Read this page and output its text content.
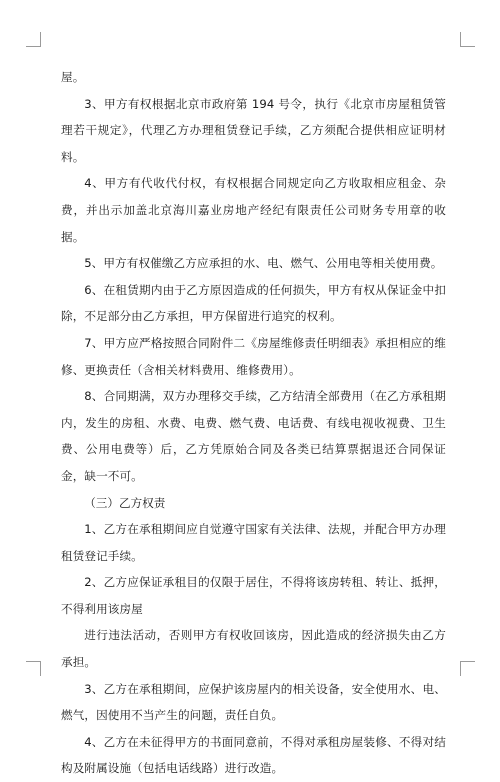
屋。

3、甲方有权根据北京市政府第 194 号令，执行《北京市房屋租赁管理若干规定》，代理乙方办理租赁登记手续，乙方须配合提供相应证明材料。

4、甲方有代收代付权，有权根据合同规定向乙方收取相应租金、杂费，并出示加盖北京海川嘉业房地产经纪有限责任公司财务专用章的收据。

5、甲方有权催缴乙方应承担的水、电、燃气、公用电等相关使用费。

6、在租赁期内由于乙方原因造成的任何损失，甲方有权从保证金中扣除，不足部分由乙方承担，甲方保留进行追究的权利。

7、甲方应严格按照合同附件二《房屋维修责任明细表》承担相应的维修、更换责任（含相关材料费用、维修费用）。

8、合同期满，双方办理移交手续，乙方结清全部费用（在乙方承租期内，发生的房租、水费、电费、燃气费、电话费、有线电视收视费、卫生费、公用电费等）后，乙方凭原始合同及各类已结算票据退还合同保证金，缺一不可。

（三）乙方权责

1、乙方在承租期间应自觉遵守国家有关法律、法规，并配合甲方办理租赁登记手续。

2、乙方应保证承租目的仅限于居住，不得将该房转租、转让、抵押，不得利用该房屋

进行违法活动，否则甲方有权收回该房，因此造成的经济损失由乙方承担。

3、乙方在承租期间，应保护该房屋内的相关设备，安全使用水、电、燃气，因使用不当产生的问题，责任自负。

4、乙方在未征得甲方的书面同意前，不得对承租房屋装修、不得对结构及附属设施（包括电话线路）进行改造。
